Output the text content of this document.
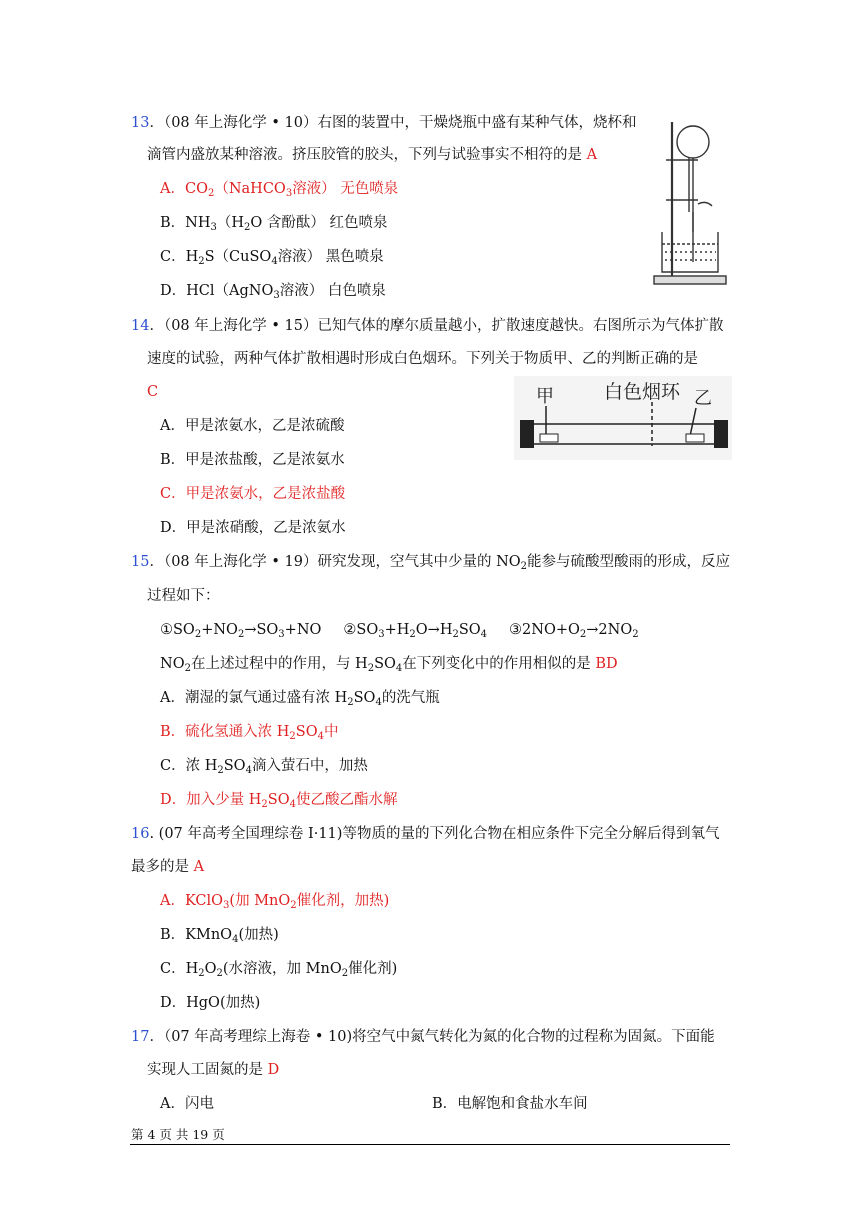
13．（08 年上海化学 • 10）右图的装置中，干燥烧瓶中盛有某种气体，烧杯和
滴管内盛放某种溶液。挤压胶管的胶头，下列与试验事实不相符的是 A
A．$CO_2(NaHCO_3$溶液） 无色喷泉
B．$NH_3(H_2O$ 含酚酞） 红色喷泉
C．$H_2S(CuSO_4$溶液） 黑色喷泉
D．HCl（AgNO$_3$溶液） 白色喷泉
14．（08 年上海化学 • 15）已知气体的摩尔质量越小，扩散速度越快。右图所示为气体扩散
速度的试验，两种气体扩散相遇时形成白色烟环。下列关于物质甲、乙的判断正确的是
C
A．甲是浓氨水，乙是浓硫酸
B．甲是浓盐酸，乙是浓氨水
C．甲是浓氨水，乙是浓盐酸
D．甲是浓硝酸，乙是浓氨水
甲	白色烟环 乙
15．（08 年上海化学 • 19）研究发现，空气其中少量的 $NO_2$能参与硫酸型酸雨的形成，反应
过程如下：
$①SO_2+NO_2\to SO_3+NO$ $②SO_3+H_2O\to H_2SO_4$ $③2NO+O_2\to 2NO_2$
$NO_2$在上述过程中的作用，与 $H_2SO_4$在下列变化中的作用相似的是 BD
A．潮湿的氯气通过盛有浓 $H_2SO_4$的洗气瓶
B．硫化氢通入浓 $H_2SO_4$中
C．浓 $H_2SO_4$滴入萤石中，加热
D．加入少量 $H_2SO_4$使乙酸乙酯水解
16. (07 年高考全国理综卷 I·11)等物质的量的下列化合物在相应条件下完全分解后得到氧气
最多的是 A
A．KClO$_3$(加 MnO$_2$催化剂，加热)
B．KMnO$_4$(加热)
C．$H_2O_2$(水溶液，加 MnO$_2$催化剂)
D．HgO(加热)
17．（07 年高考理综上海卷 • 10)将空气中氮气转化为氮的化合物的过程称为固氮。下面能
实现人工固氮的是 D
A．闪电	B．电解饱和食盐水车间
第 4 页 共 19 页
